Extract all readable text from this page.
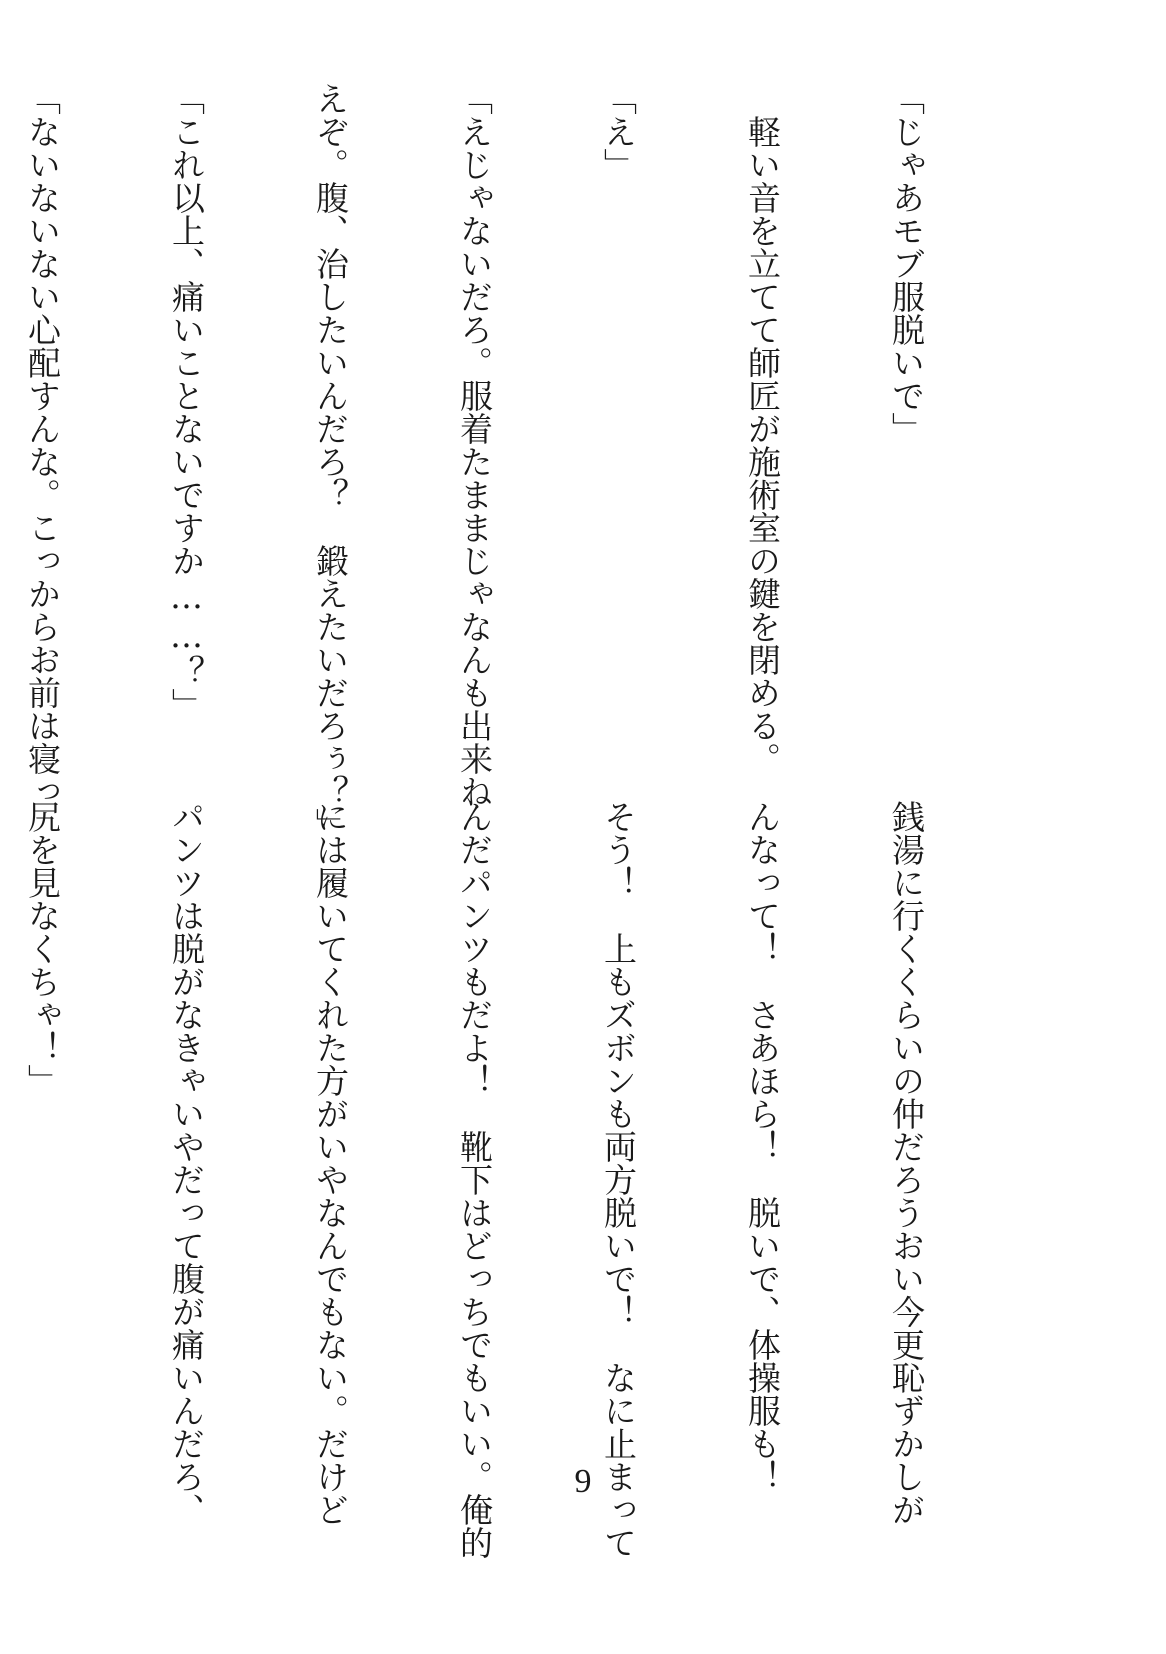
「じゃあモブ服脱いで」

　軽い音を立てて師匠が施術室の鍵を閉める。

「え」

「えじゃないだろ。服着たままじゃなんも出来ね

えぞ。腹、治したいんだろ？　鍛えたいだろぅ？」

「これ以上、痛いことないですか……？」

「ないないない心配すんな。こっからお前は寝っ

銭湯に行くくらいの仲だろうおい今更恥ずかしが

んなって！　さあほら！　脱いで、体操服も！

そう！　上もズボンも両方脱いで！　なに止まって

んだパンツもだよ！　靴下はどっちでもいい。俺的

には履いてくれた方がいやなんでもない。だけど

パンツは脱がなきゃいやだって腹が痛いんだろ、

尻を見なくちゃ！」

9
